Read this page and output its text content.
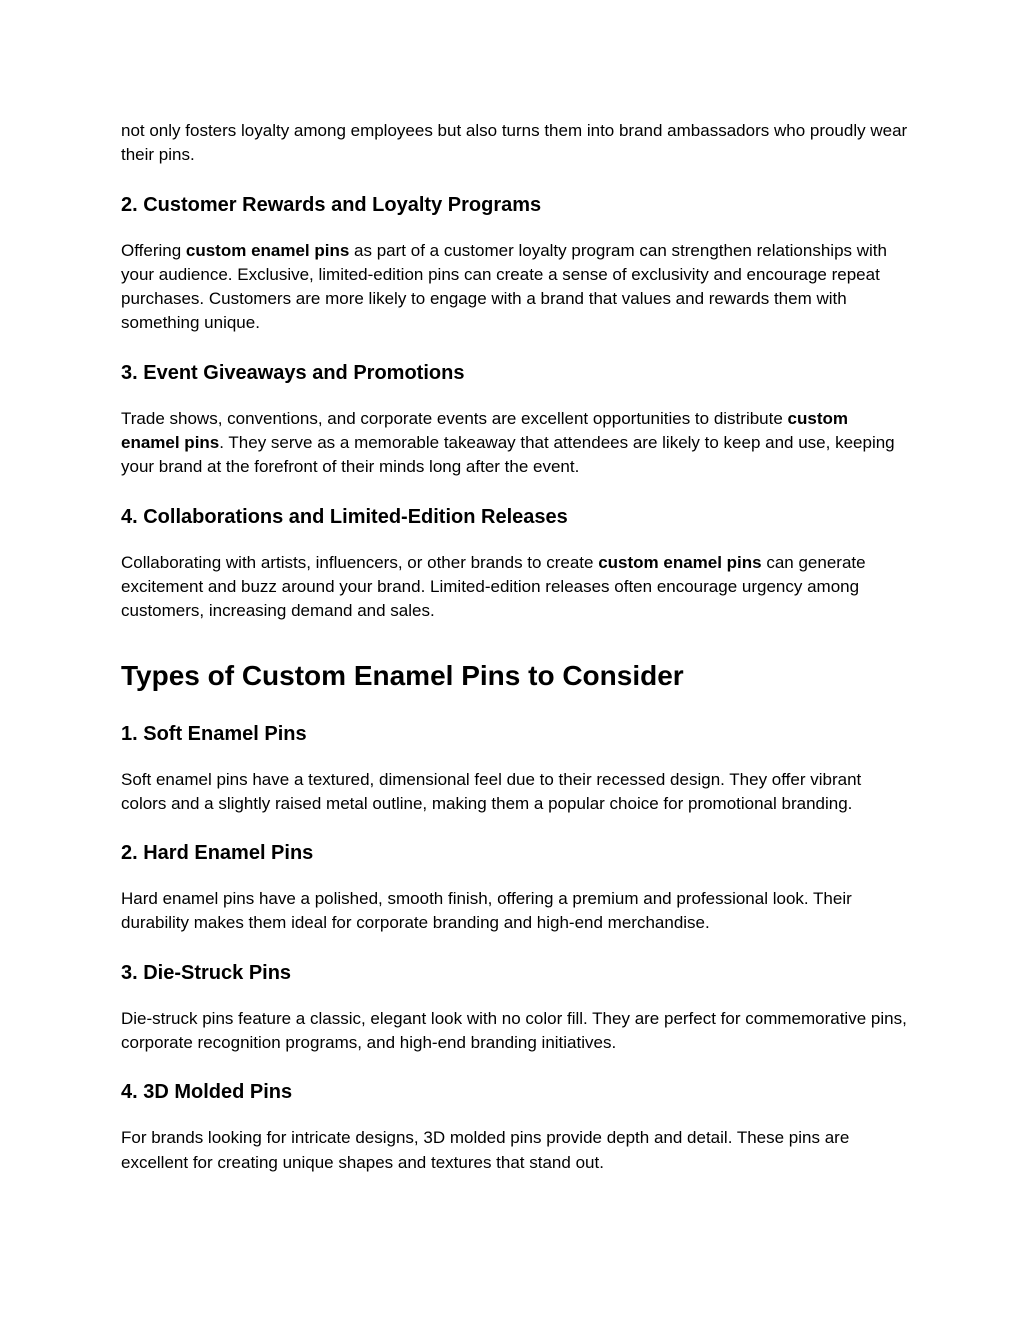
not only fosters loyalty among employees but also turns them into brand ambassadors who proudly wear their pins.

2. Customer Rewards and Loyalty Programs

Offering custom enamel pins as part of a customer loyalty program can strengthen relationships with your audience. Exclusive, limited-edition pins can create a sense of exclusivity and encourage repeat purchases. Customers are more likely to engage with a brand that values and rewards them with something unique.

3. Event Giveaways and Promotions

Trade shows, conventions, and corporate events are excellent opportunities to distribute custom enamel pins. They serve as a memorable takeaway that attendees are likely to keep and use, keeping your brand at the forefront of their minds long after the event.

4. Collaborations and Limited-Edition Releases

Collaborating with artists, influencers, or other brands to create custom enamel pins can generate excitement and buzz around your brand. Limited-edition releases often encourage urgency among customers, increasing demand and sales.

Types of Custom Enamel Pins to Consider
1. Soft Enamel Pins

Soft enamel pins have a textured, dimensional feel due to their recessed design. They offer vibrant colors and a slightly raised metal outline, making them a popular choice for promotional branding.

2. Hard Enamel Pins

Hard enamel pins have a polished, smooth finish, offering a premium and professional look. Their durability makes them ideal for corporate branding and high-end merchandise.

3. Die-Struck Pins

Die-struck pins feature a classic, elegant look with no color fill. They are perfect for commemorative pins, corporate recognition programs, and high-end branding initiatives.

4. 3D Molded Pins

For brands looking for intricate designs, 3D molded pins provide depth and detail. These pins are excellent for creating unique shapes and textures that stand out.
